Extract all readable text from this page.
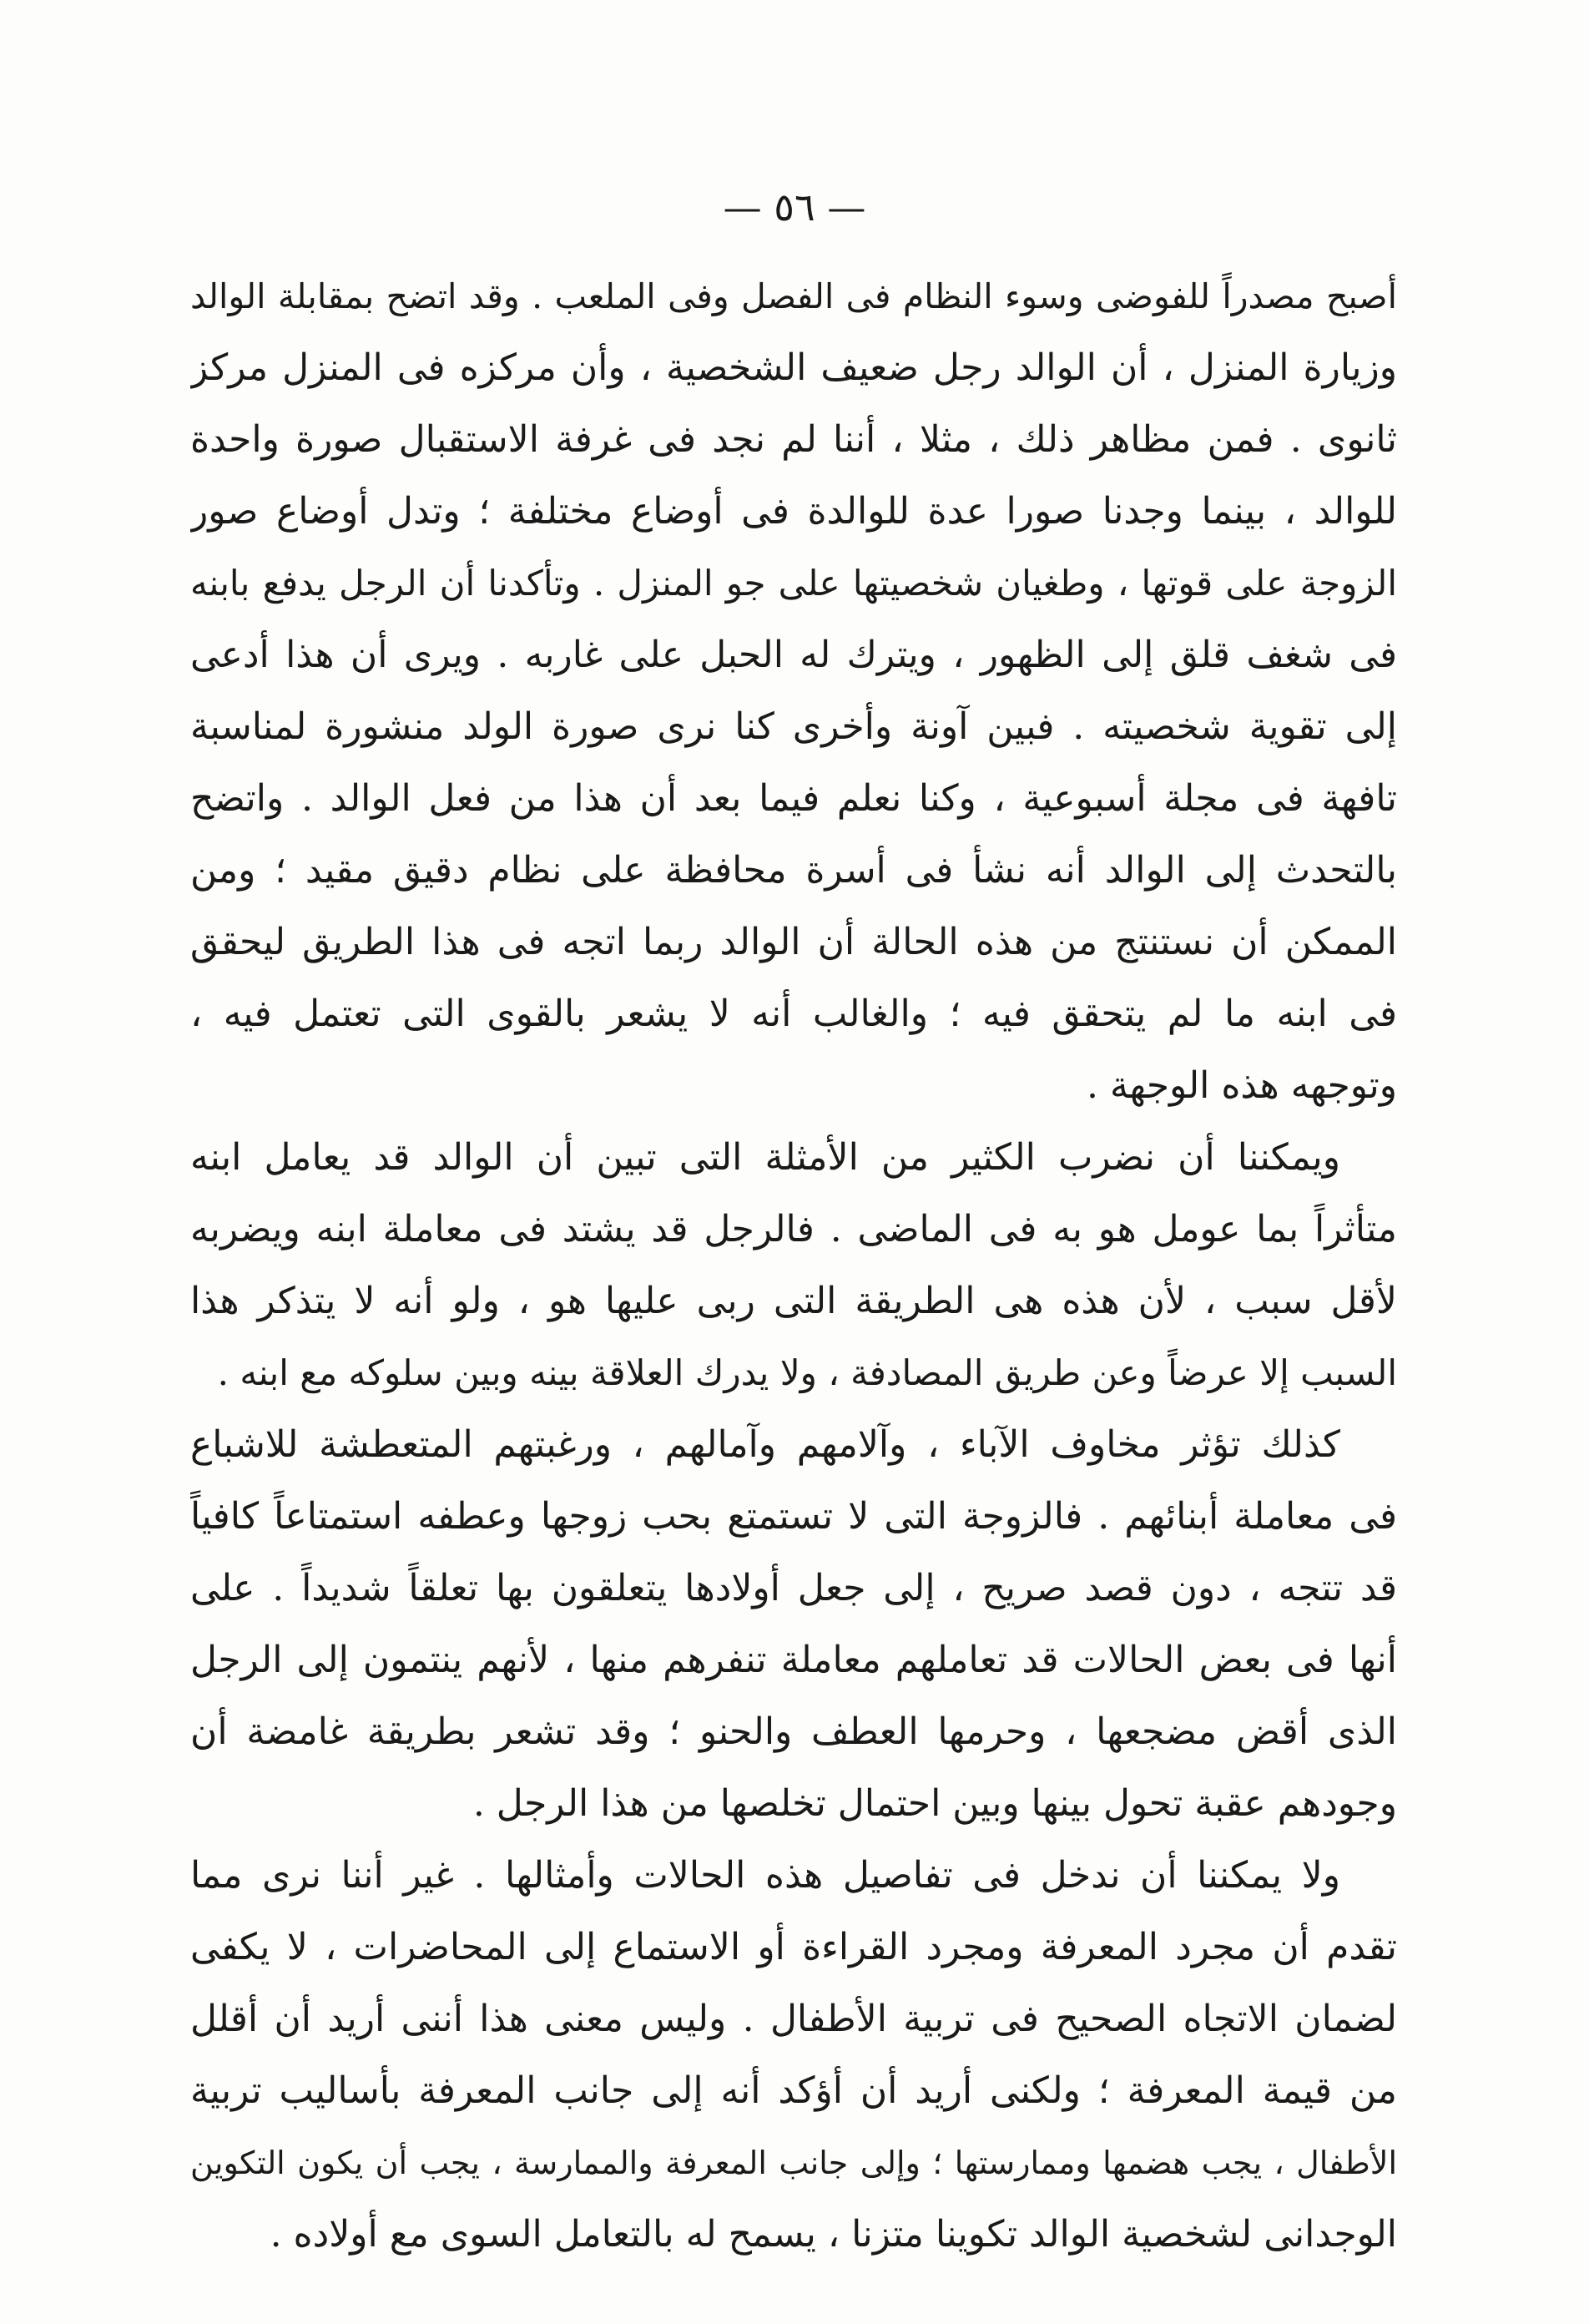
— ٥٦ —
أصبح مصدراً للفوضى وسوء النظام فى الفصل وفى الملعب . وقد اتضح بمقابلة الوالد
وزيارة المنزل ، أن الوالد رجل ضعيف الشخصية ، وأن مركزه فى المنزل مركز
ثانوى . فمن مظاهر ذلك ، مثلا ، أننا لم نجد فى غرفة الاستقبال صورة واحدة
للوالد ، بينما وجدنا صورا عدة للوالدة فى أوضاع مختلفة ؛ وتدل أوضاع صور
الزوجة على قوتها ، وطغيان شخصيتها على جو المنزل . وتأكدنا أن الرجل يدفع بابنه
فى شغف قلق إلى الظهور ، ويترك له الحبل على غاربه . ويرى أن هذا أدعى
إلى تقوية شخصيته . فبين آونة وأخرى كنا نرى صورة الولد منشورة لمناسبة
تافهة فى مجلة أسبوعية ، وكنا نعلم فيما بعد أن هذا من فعل الوالد . واتضح
بالتحدث إلى الوالد أنه نشأ فى أسرة محافظة على نظام دقيق مقيد ؛ ومن
الممكن أن نستنتج من هذه الحالة أن الوالد ربما اتجه فى هذا الطريق ليحقق
فى ابنه ما لم يتحقق فيه ؛ والغالب أنه لا يشعر بالقوى التى تعتمل فيه ،
وتوجهه هذه الوجهة .
ويمكننا أن نضرب الكثير من الأمثلة التى تبين أن الوالد قد يعامل ابنه
متأثراً بما عومل هو به فى الماضى . فالرجل قد يشتد فى معاملة ابنه ويضربه
لأقل سبب ، لأن هذه هى الطريقة التى ربى عليها هو ، ولو أنه لا يتذكر هذا
السبب إلا عرضاً وعن طريق المصادفة ، ولا يدرك العلاقة بينه وبين سلوكه مع ابنه .
كذلك تؤثر مخاوف الآباء ، وآلامهم وآمالهم ، ورغبتهم المتعطشة للاشباع
فى معاملة أبنائهم . فالزوجة التى لا تستمتع بحب زوجها وعطفه استمتاعاً كافياً
قد تتجه ، دون قصد صريح ، إلى جعل أولادها يتعلقون بها تعلقاً شديداً . على
أنها فى بعض الحالات قد تعاملهم معاملة تنفرهم منها ، لأنهم ينتمون إلى الرجل
الذى أقض مضجعها ، وحرمها العطف والحنو ؛ وقد تشعر بطريقة غامضة أن
وجودهم عقبة تحول بينها وبين احتمال تخلصها من هذا الرجل .
ولا يمكننا أن ندخل فى تفاصيل هذه الحالات وأمثالها . غير أننا نرى مما
تقدم أن مجرد المعرفة ومجرد القراءة أو الاستماع إلى المحاضرات ، لا يكفى
لضمان الاتجاه الصحيح فى تربية الأطفال . وليس معنى هذا أننى أريد أن أقلل
من قيمة المعرفة ؛ ولكنى أريد أن أؤكد أنه إلى جانب المعرفة بأساليب تربية
الأطفال ، يجب هضمها وممارستها ؛ وإلى جانب المعرفة والممارسة ، يجب أن يكون التكوين
الوجدانى لشخصية الوالد تكوينا متزنا ، يسمح له بالتعامل السوى مع أولاده .
